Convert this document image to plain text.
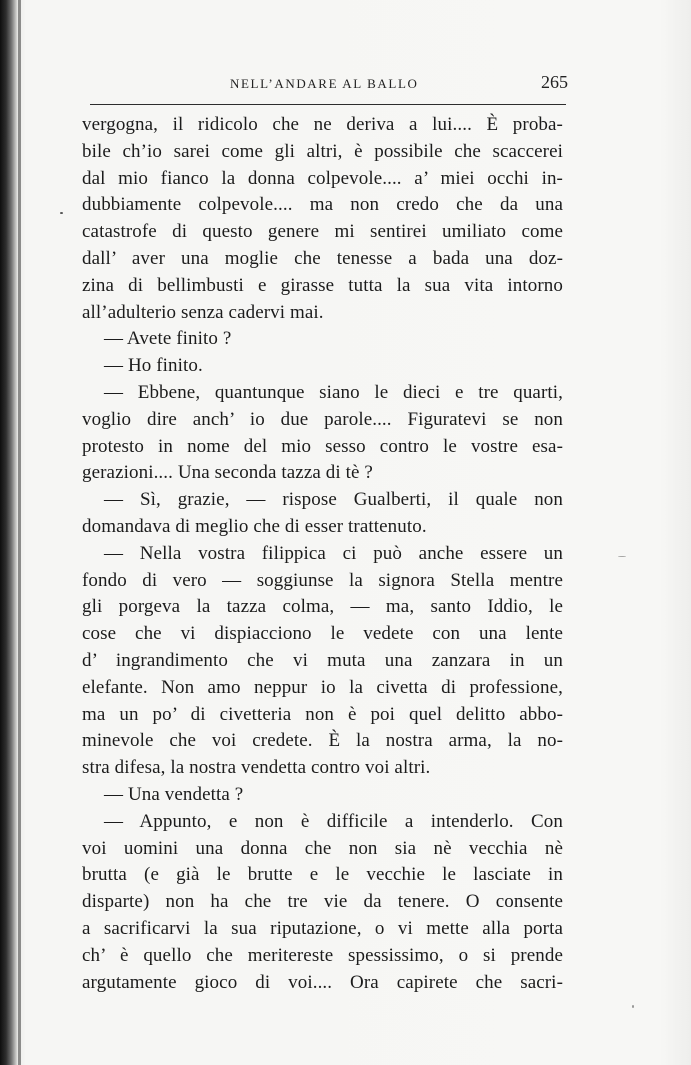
NELL’ANDARE AL BALLO	265
vergogna, il ridicolo che ne deriva a lui.... È proba-
bile ch’io sarei come gli altri, è possibile che scaccerei
dal mio fianco la donna colpevole.... a’ miei occhi in-
dubbiamente colpevole.... ma non credo che da una
catastrofe di questo genere mi sentirei umiliato come
dall’ aver una moglie che tenesse a bada una doz-
zina di bellimbusti e girasse tutta la sua vita intorno
all’adulterio senza cadervi mai.
— Avete finito ?
— Ho finito.
— Ebbene, quantunque siano le dieci e tre quarti,
voglio dire anch’ io due parole.... Figuratevi se non
protesto in nome del mio sesso contro le vostre esa-
gerazioni.... Una seconda tazza di tè ?
— Sì, grazie, — rispose Gualberti, il quale non
domandava di meglio che di esser trattenuto.
— Nella vostra filippica ci può anche essere un
fondo di vero — soggiunse la signora Stella mentre
gli porgeva la tazza colma, — ma, santo Iddio, le
cose che vi dispiacciono le vedete con una lente
d’ ingrandimento che vi muta una zanzara in un
elefante. Non amo neppur io la civetta di professione,
ma un po’ di civetteria non è poi quel delitto abbo-
minevole che voi credete. È la nostra arma, la no-
stra difesa, la nostra vendetta contro voi altri.
— Una vendetta ?
— Appunto, e non è difficile a intenderlo. Con
voi uomini una donna che non sia nè vecchia nè
brutta (e già le brutte e le vecchie le lasciate in
disparte) non ha che tre vie da tenere. O consente
a sacrificarvi la sua riputazione, o vi mette alla porta
ch’ è quello che meritereste spessissimo, o si prende
argutamente gioco di voi.... Ora capirete che sacri-
